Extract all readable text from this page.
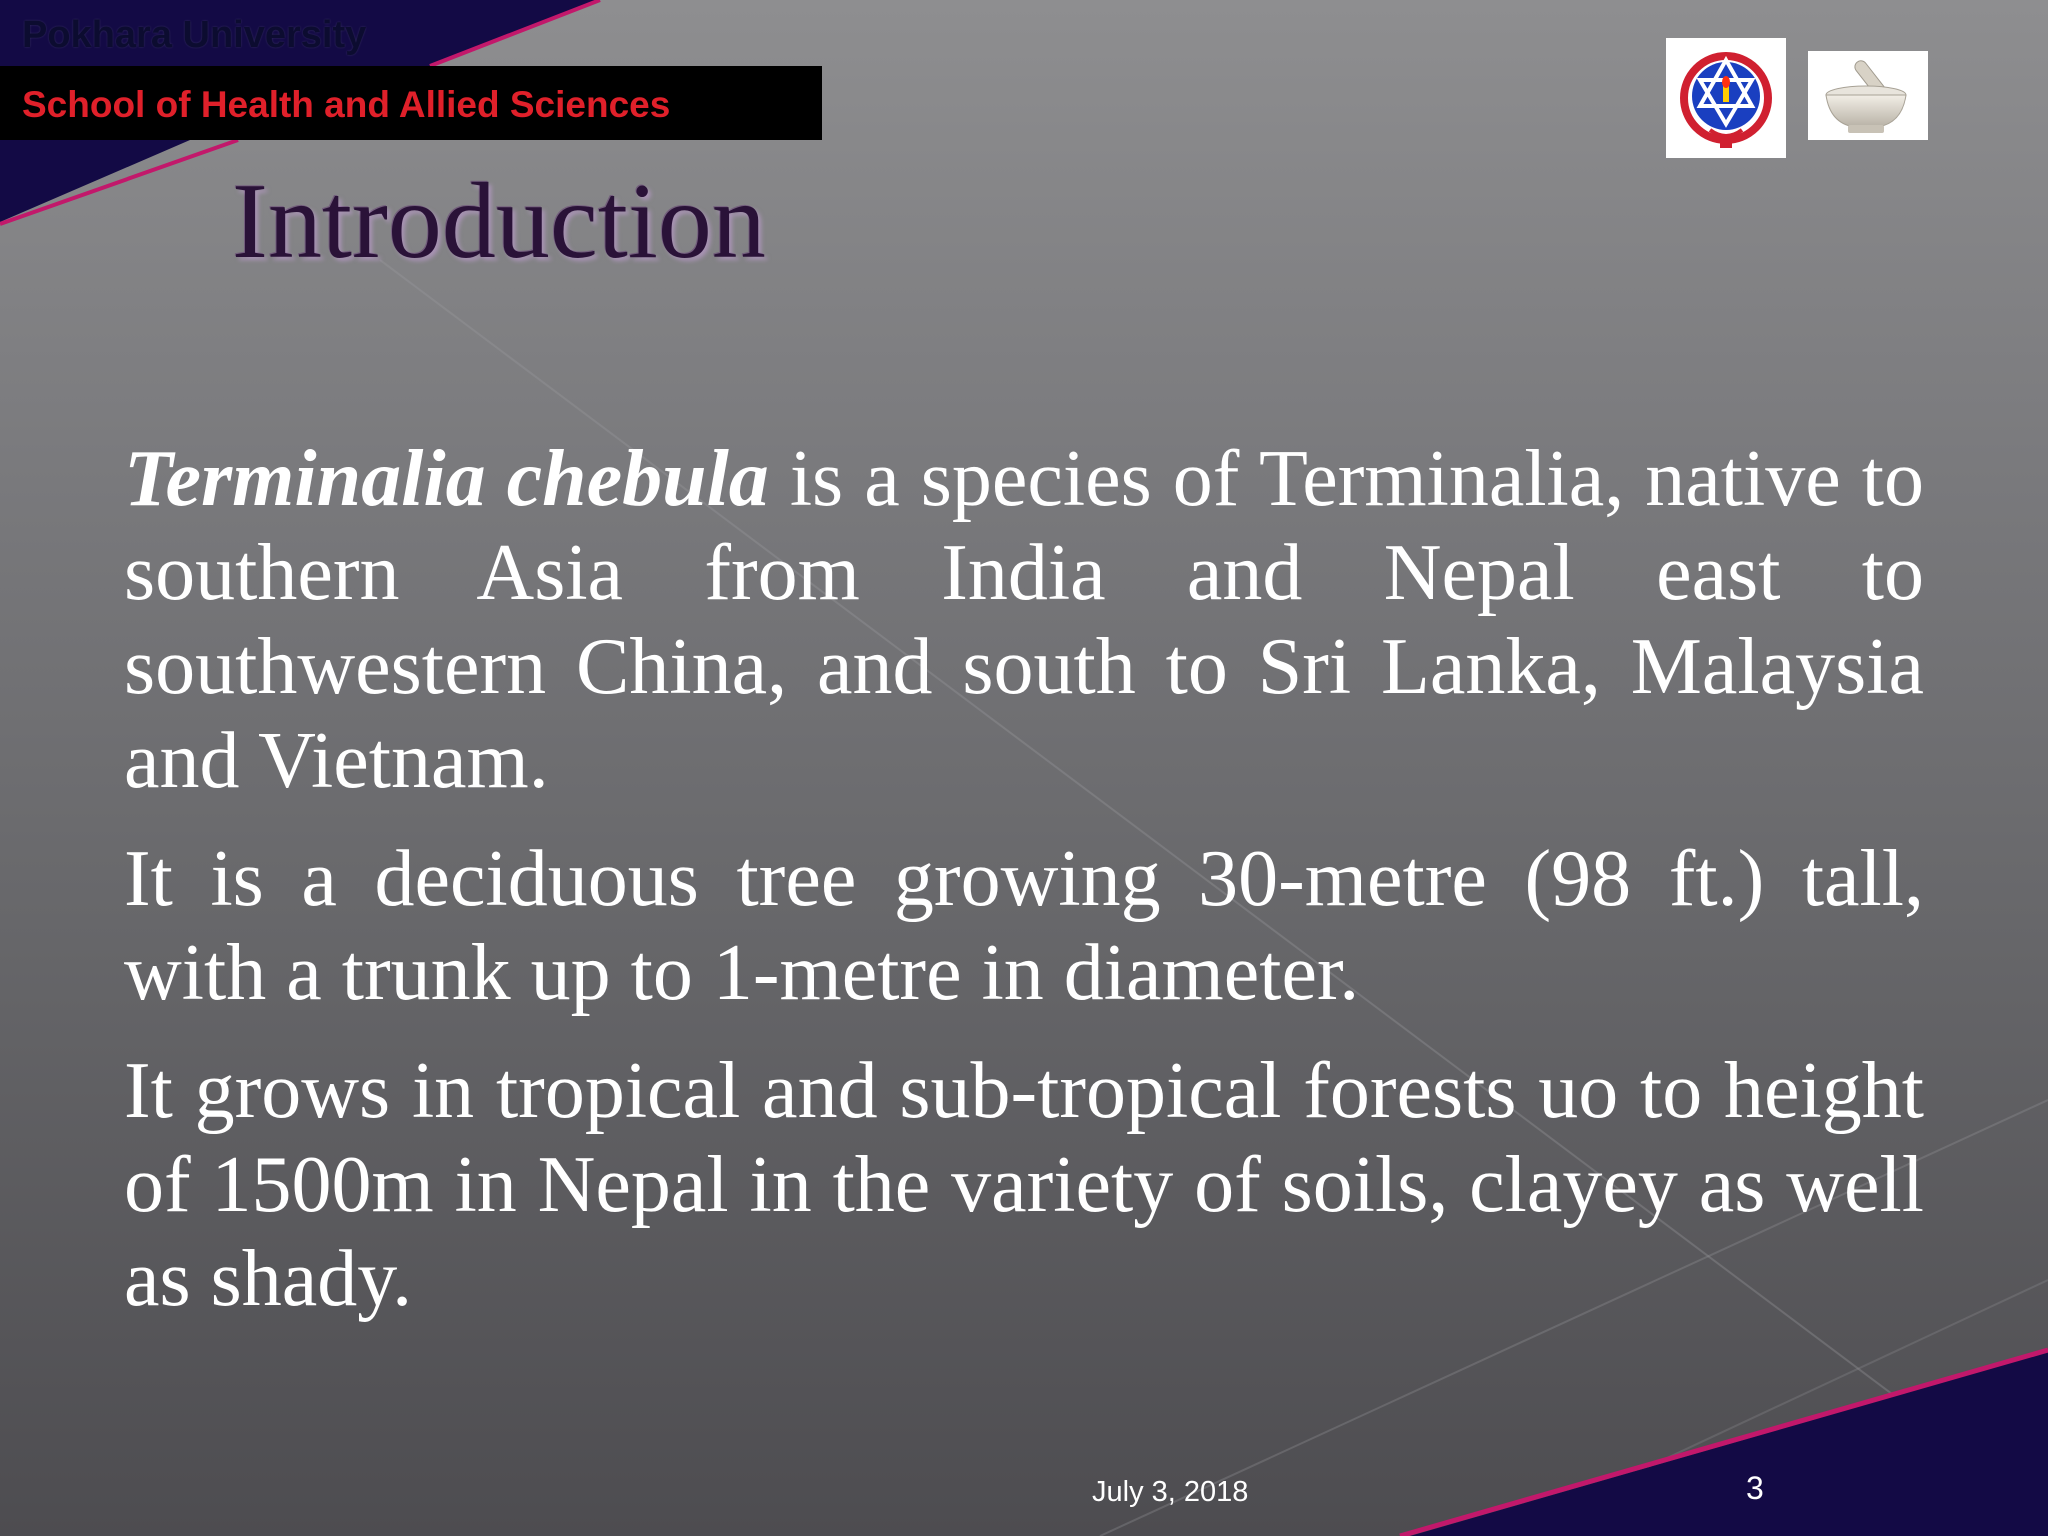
Pokhara University
School of Health and Allied Sciences
Introduction

Terminalia chebula is a species of Terminalia, native to southern Asia from India and Nepal east to southwestern China, and south to Sri Lanka, Malaysia and Vietnam.

It is a deciduous tree growing 30-metre (98 ft.) tall, with a trunk up to 1-metre in diameter.

It grows in tropical and sub-tropical forests uo to height of 1500m in Nepal in the variety of soils, clayey as well as shady.

July 3, 2018	3
